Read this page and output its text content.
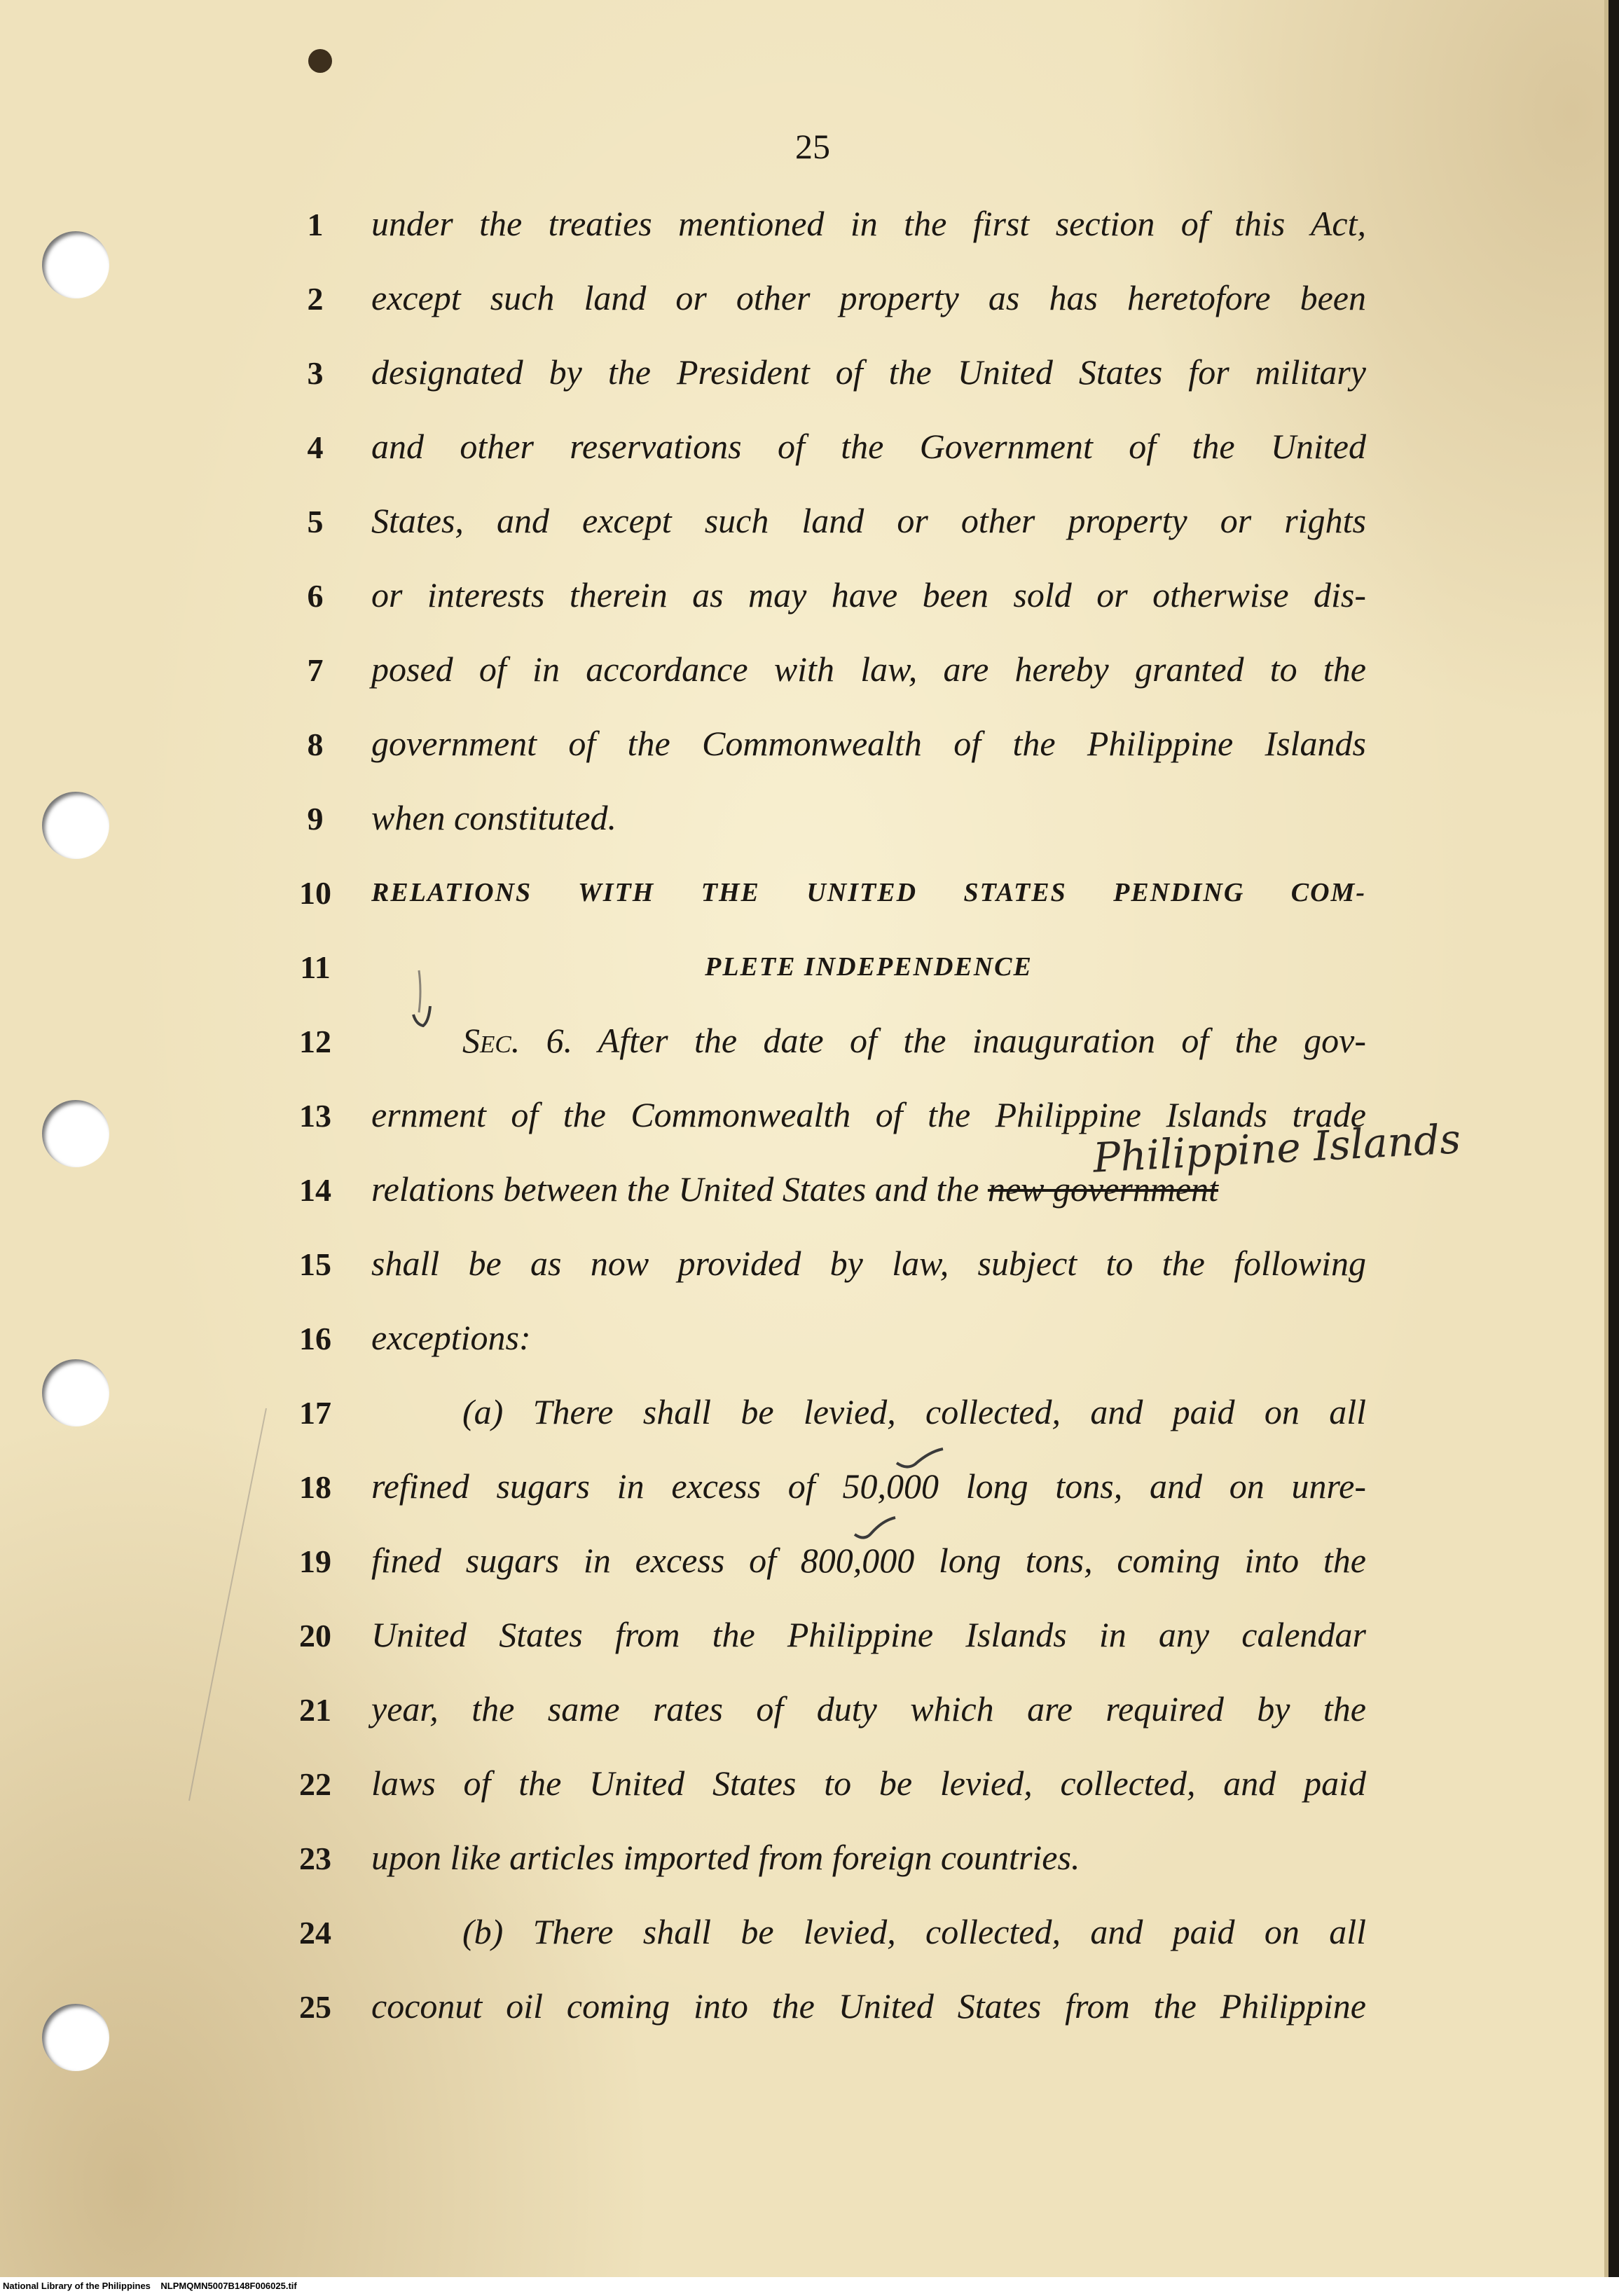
25
1	under the treaties mentioned in the first section of this Act,
2	except such land or other property as has heretofore been
3	designated by the President of the United States for military
4	and other reservations of the Government of the United
5	States, and except such land or other property or rights
6	or interests therein as may have been sold or otherwise dis-
7	posed of in accordance with law, are hereby granted to the
8	government of the Commonwealth of the Philippine Islands
9	when constituted.
10	RELATIONS WITH THE UNITED STATES PENDING COM-
11	PLETE INDEPENDENCE
12	Sec. 6. After the date of the inauguration of the gov-
13	ernment of the Commonwealth of the Philippine Islands trade
14	relations between the United States and the new government
15	shall be as now provided by law, subject to the following
16	exceptions:
17	(a) There shall be levied, collected, and paid on all
18	refined sugars in excess of 50,000 long tons, and on unre-
19	fined sugars in excess of 800,000 long tons, coming into the
20	United States from the Philippine Islands in any calendar
21	year, the same rates of duty which are required by the
22	laws of the United States to be levied, collected, and paid
23	upon like articles imported from foreign countries.
24	(b) There shall be levied, collected, and paid on all
25	coconut oil coming into the United States from the Philippine
Philippine Islands
National Library of the Philippines NLPMQMN5007B148F006025.tif
